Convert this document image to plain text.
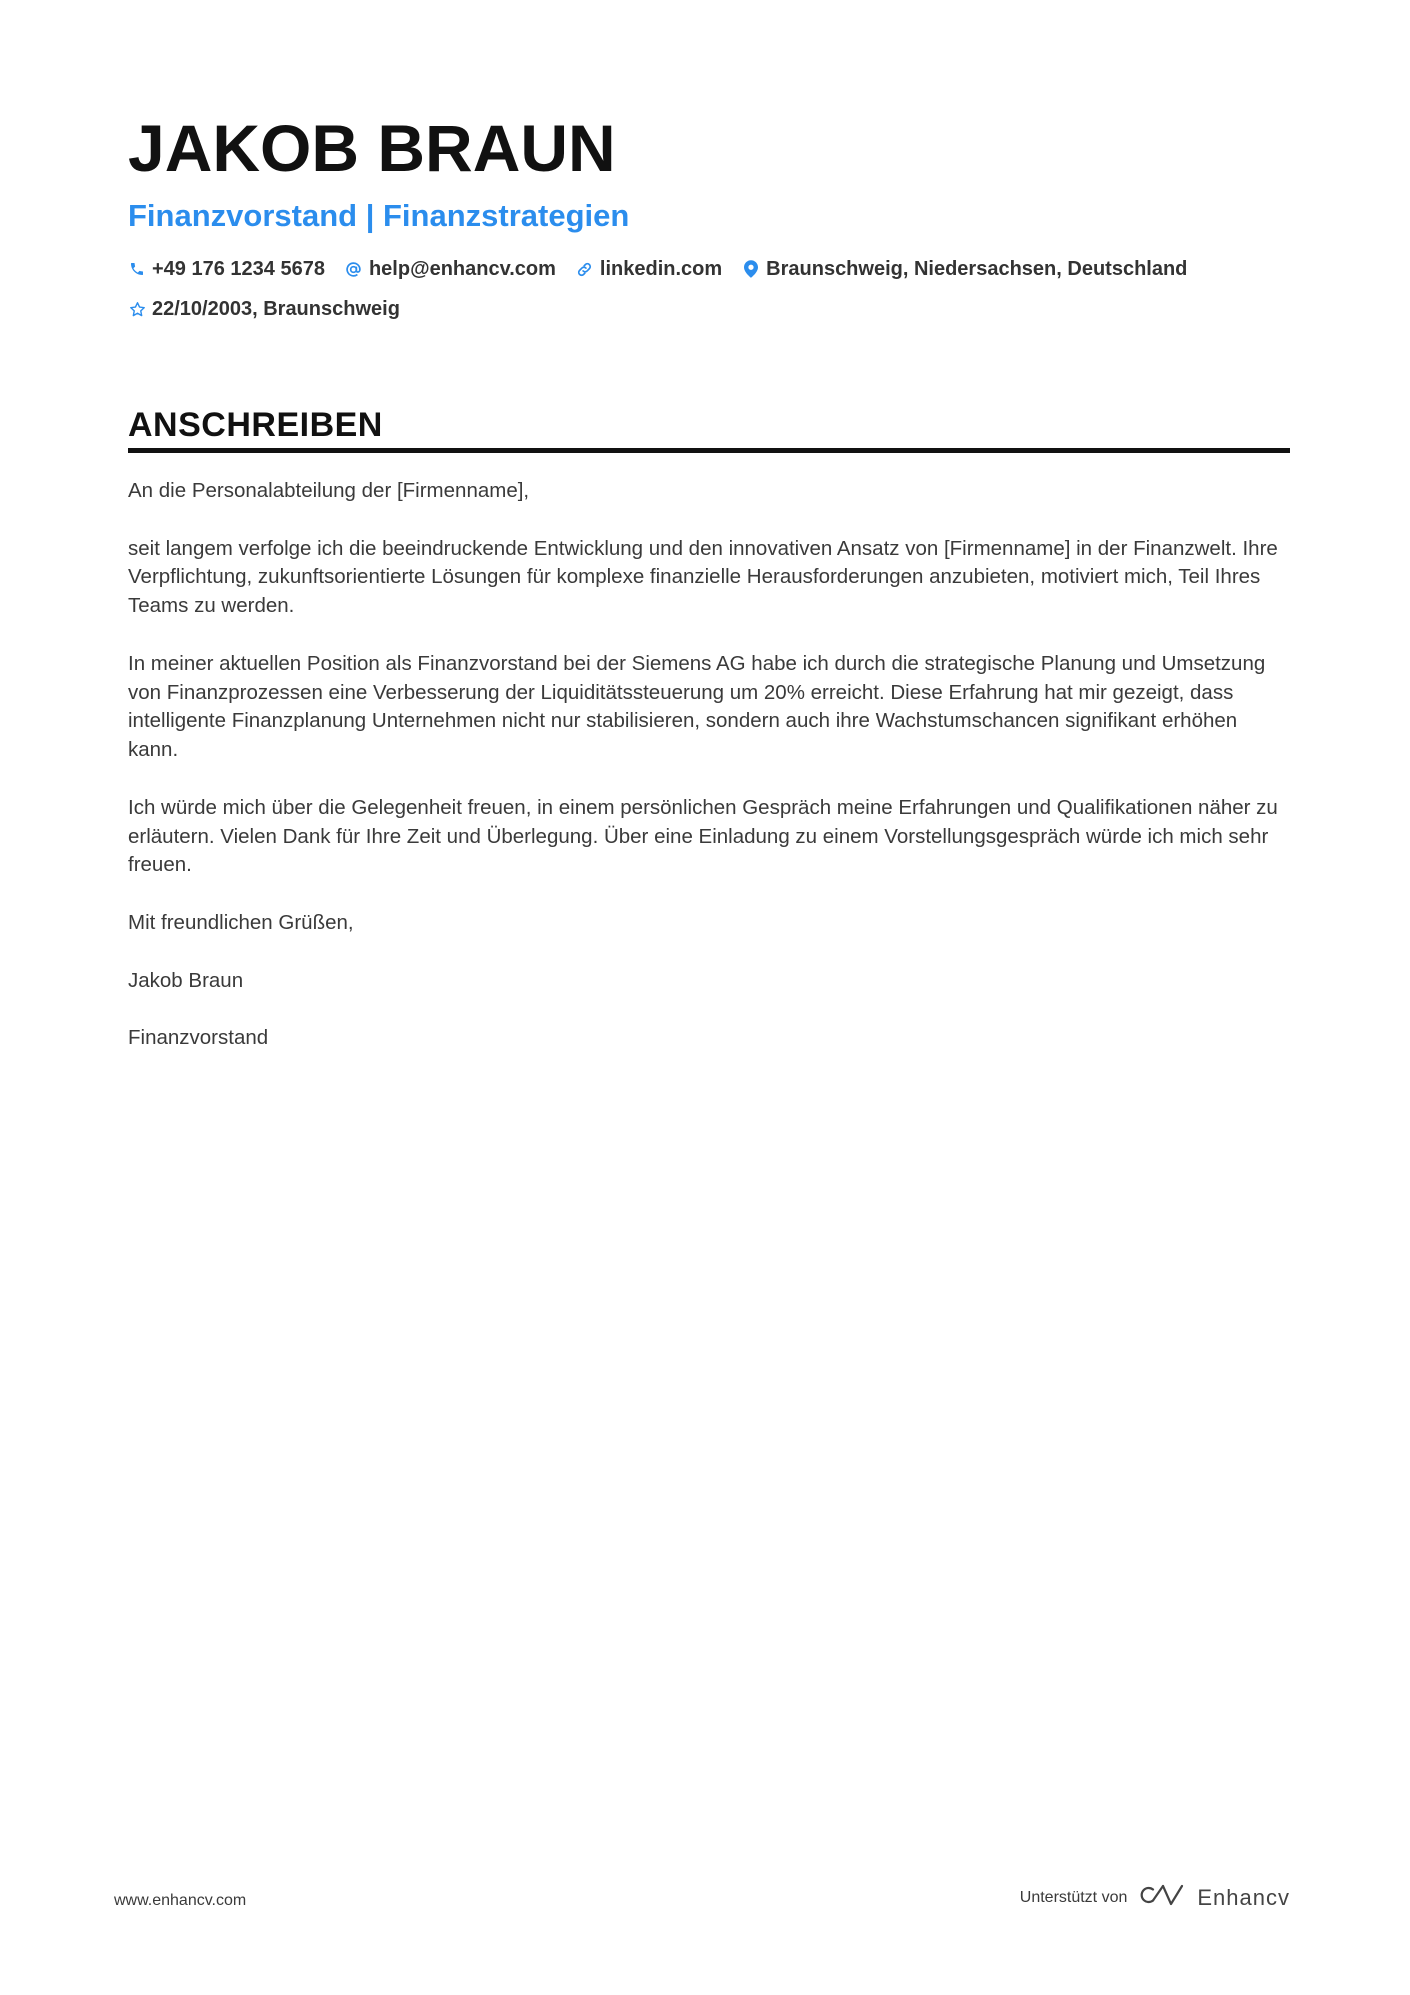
JAKOB BRAUN
Finanzvorstand | Finanzstrategien
+49 176 1234 5678 help@enhancv.com linkedin.com Braunschweig, Niedersachsen, Deutschland
22/10/2003, Braunschweig
ANSCHREIBEN

An die Personalabteilung der [Firmenname],

seit langem verfolge ich die beeindruckende Entwicklung und den innovativen Ansatz von [Firmenname] in der Finanzwelt. Ihre Verpflichtung, zukunftsorientierte Lösungen für komplexe finanzielle Herausforderungen anzubieten, motiviert mich, Teil Ihres Teams zu werden.

In meiner aktuellen Position als Finanzvorstand bei der Siemens AG habe ich durch die strategische Planung und Umsetzung von Finanzprozessen eine Verbesserung der Liquiditätssteuerung um 20% erreicht. Diese Erfahrung hat mir gezeigt, dass intelligente Finanzplanung Unternehmen nicht nur stabilisieren, sondern auch ihre Wachstumschancen signifikant erhöhen kann.

Ich würde mich über die Gelegenheit freuen, in einem persönlichen Gespräch meine Erfahrungen und Qualifikationen näher zu erläutern. Vielen Dank für Ihre Zeit und Überlegung. Über eine Einladung zu einem Vorstellungsgespräch würde ich mich sehr freuen.

Mit freundlichen Grüßen,

Jakob Braun

Finanzvorstand

www.enhancv.com	Unterstützt von	Enhancv
